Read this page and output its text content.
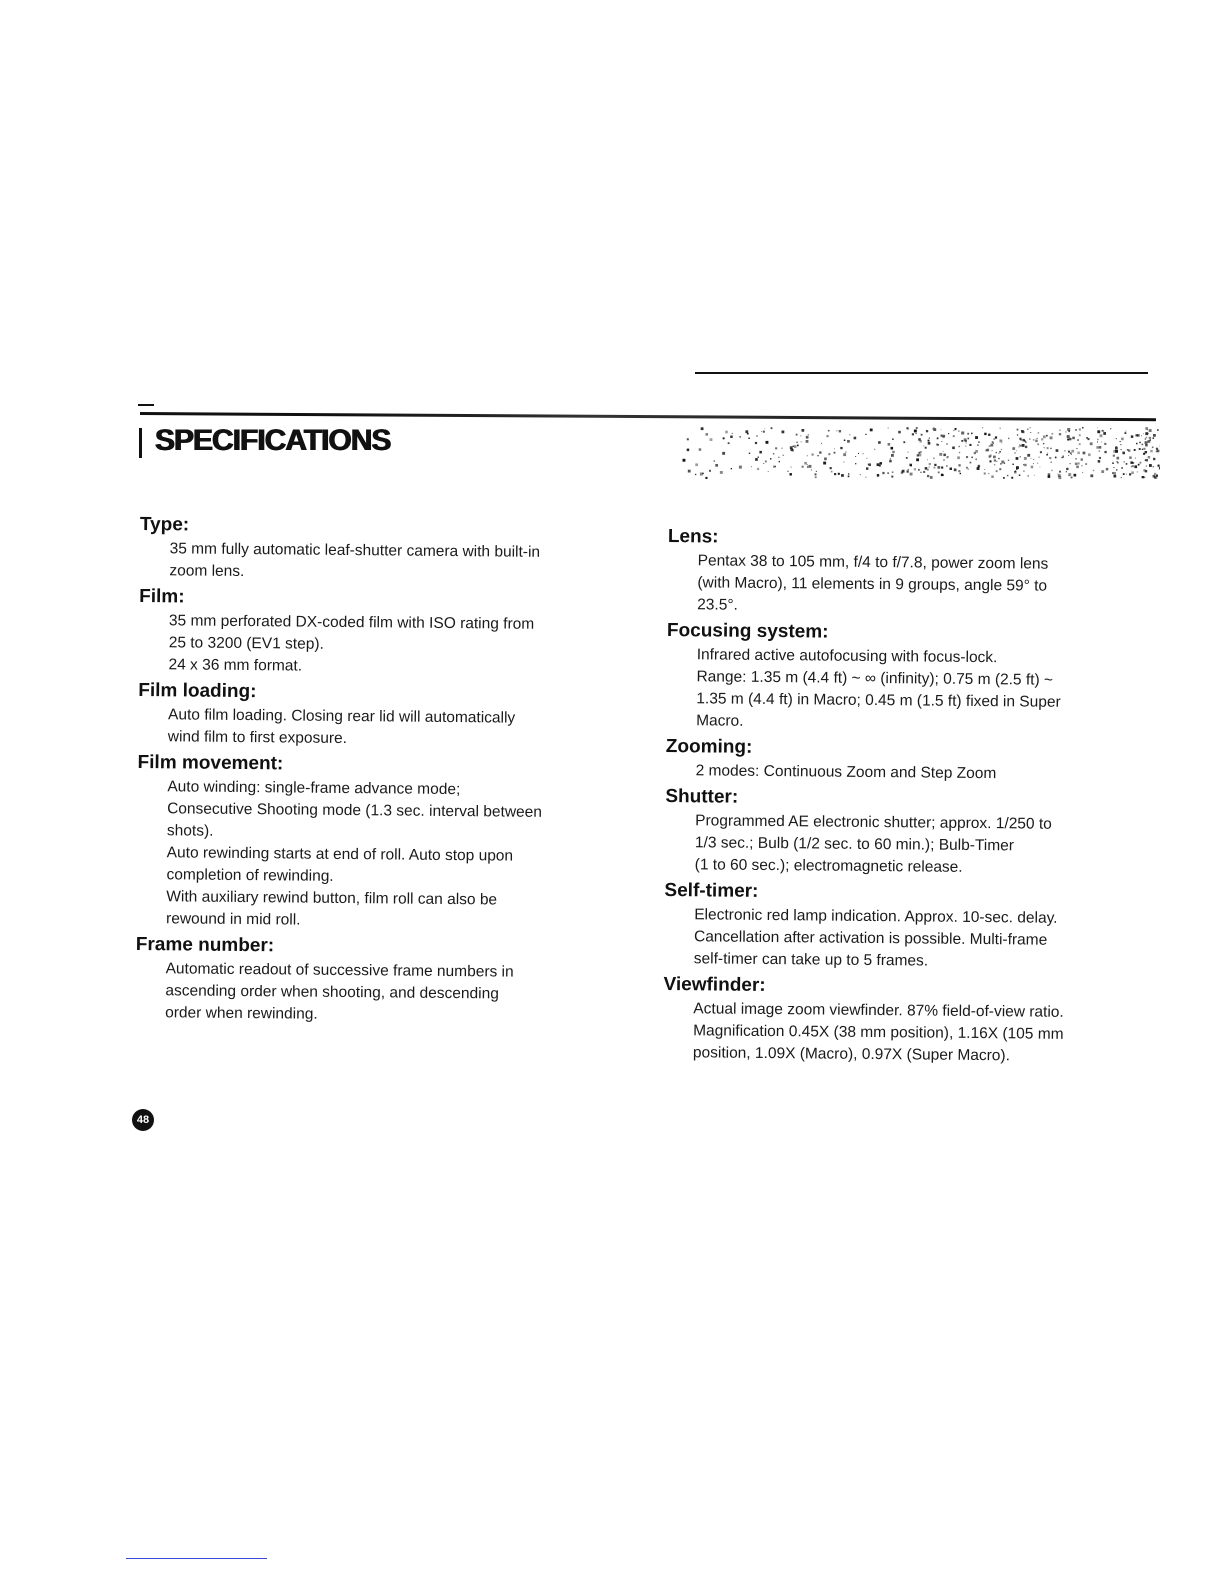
SPECIFICATIONS
Type:

35 mm fully automatic leaf-shutter camera with built-in

zoom lens.

Film:

35 mm perforated DX-coded film with ISO rating from

25 to 3200 (EV1 step).

24 x 36 mm format.

Film loading:

Auto film loading. Closing rear lid will automatically

wind film to first exposure.

Film movement:

Auto winding: single-frame advance mode;

Consecutive Shooting mode (1.3 sec. interval between

shots).

Auto rewinding starts at end of roll. Auto stop upon

completion of rewinding.

With auxiliary rewind button, film roll can also be

rewound in mid roll.

Frame number:

Automatic readout of successive frame numbers in

ascending order when shooting, and descending

order when rewinding.

Lens:

Pentax 38 to 105 mm, f/4 to f/7.8, power zoom lens

(with Macro), 11 elements in 9 groups, angle 59° to

23.5°.

Focusing system:

Infrared active autofocusing with focus-lock.

Range: 1.35 m (4.4 ft) ~ ∞ (infinity); 0.75 m (2.5 ft) ~

1.35 m (4.4 ft) in Macro; 0.45 m (1.5 ft) fixed in Super

Macro.

Zooming:

2 modes: Continuous Zoom and Step Zoom

Shutter:

Programmed AE electronic shutter; approx. 1/250 to

1/3 sec.; Bulb (1/2 sec. to 60 min.); Bulb-Timer

(1 to 60 sec.); electromagnetic release.

Self-timer:

Electronic red lamp indication. Approx. 10-sec. delay.

Cancellation after activation is possible. Multi-frame

self-timer can take up to 5 frames.

Viewfinder:

Actual image zoom viewfinder. 87% field-of-view ratio.

Magnification 0.45X (38 mm position), 1.16X (105 mm

position, 1.09X (Macro), 0.97X (Super Macro).

48
